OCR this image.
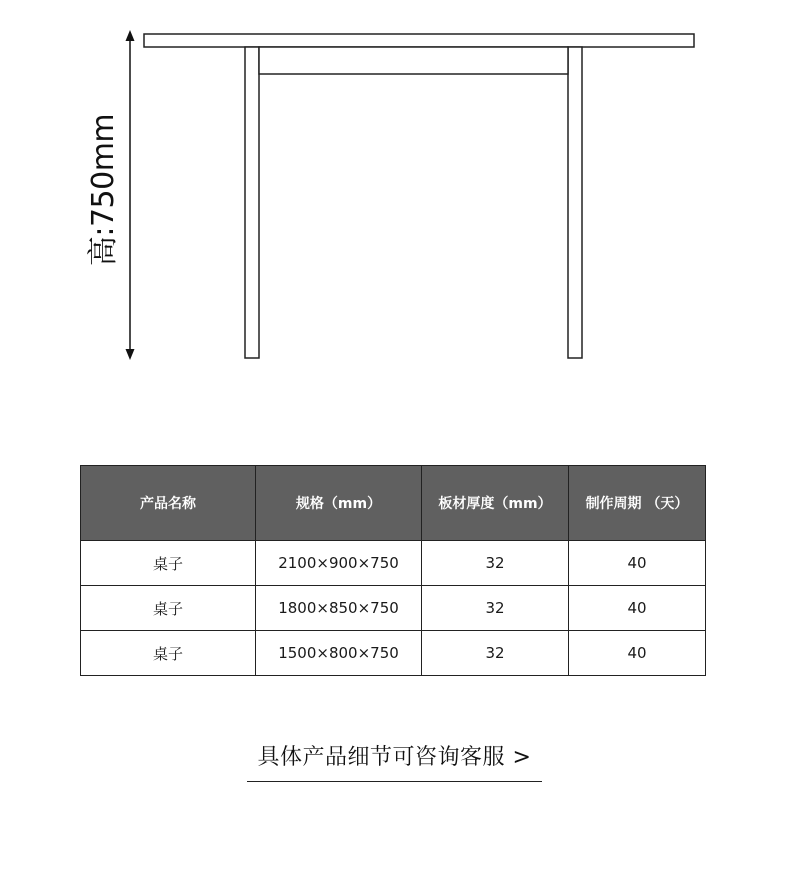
高:750mm
产品名称	规格（mm）	板材厚度（mm）	制作周期 （天）
桌子	2100×900×750	32	40
桌子	1800×850×750	32	40
桌子	1500×800×750	32	40
具体产品细节可咨询客服 >
